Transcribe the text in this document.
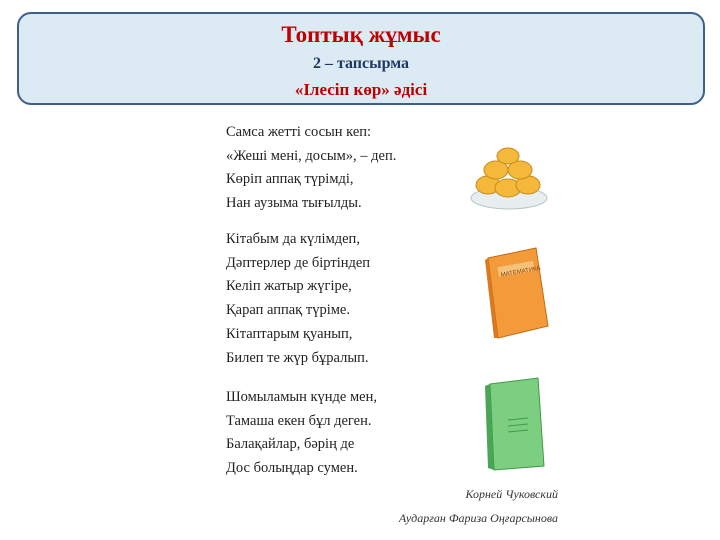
Топтық жұмыс
2 – тапсырма
«Ілесіп көр» әдісі
Самса жетті сосын кеп:
«Жеші мені, досым», – деп.
Көріп аппақ түрімді,
Нан аузыма тығылды.
Кітабым да күлімдеп,
Дәптерлер де біртіндеп
Келіп жатыр жүгіре,
Қарап аппақ түріме.
Кітаптарым қуанып,
Билеп те жүр бұралып.
Шомыламын күнде мен,
Тамаша екен бұл деген.
Балақайлар, бәрің де
Дос болыңдар сумен.
Корней Чуковский
Аударған Фариза Оңғарсынова
МАТЕМАТИКА
